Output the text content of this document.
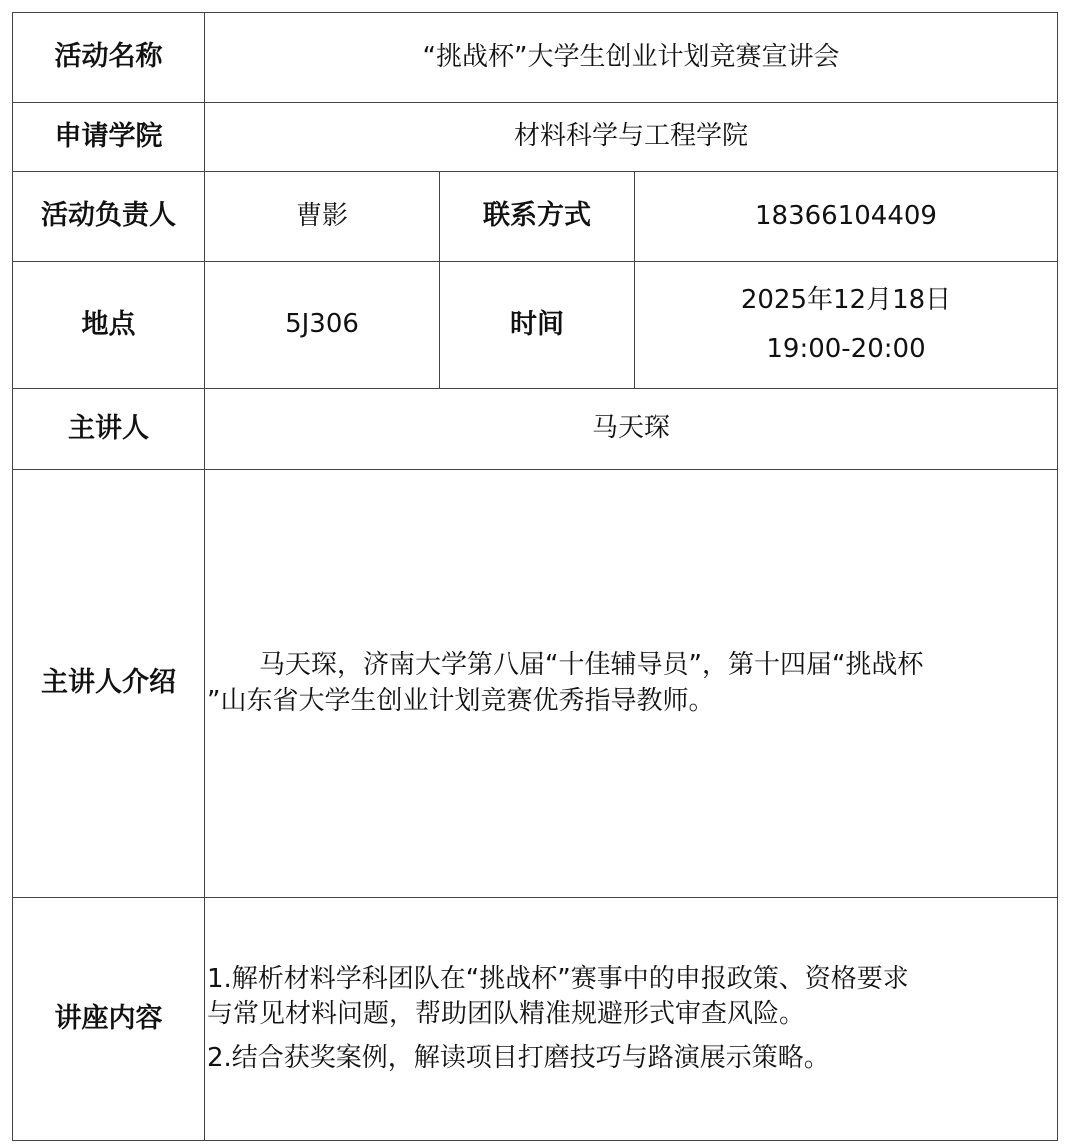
活动名称	“挑战杯”大学生创业计划竞赛宣讲会		
申请学院	材料科学与工程学院		
活动负责人	曹影	联系方式	18366104409
地点	5J306	时间	2025年12月18日
19:00-20:00

主讲人	马天琛		
主讲人介绍	马天琛，济南大学第八届“十佳辅导员”，第十四届“挑战杯
”山东省大学生创业计划竞赛优秀指导教师。		

讲座内容	1.解析材料学科团队在“挑战杯”赛事中的申报政策、资格要求
与常见材料问题，帮助团队精准规避形式审查风险。
2.结合获奖案例，解读项目打磨技巧与路演展示策略。		
